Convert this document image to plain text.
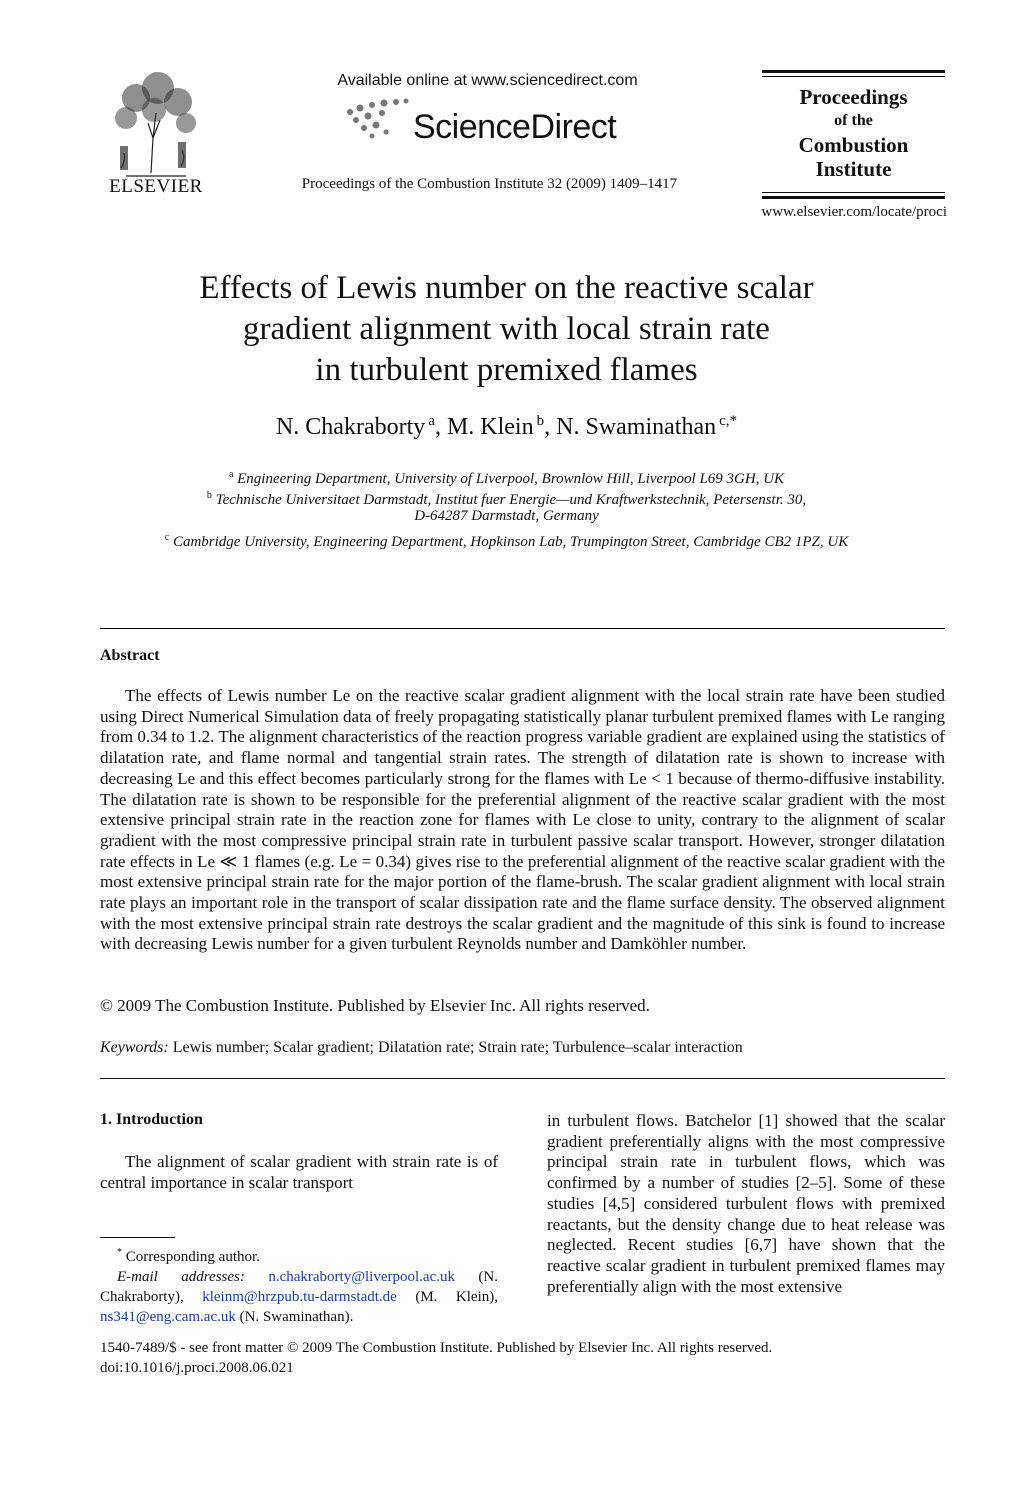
ELSEVIER
Available online at www.sciencedirect.com
ScienceDirect
Proceedings of the Combustion Institute 32 (2009) 1409–1417
Proceedings
of the
Combustion
Institute
www.elsevier.com/locate/proci
Effects of Lewis number on the reactive scalar
gradient alignment with local strain rate
in turbulent premixed flames
N. Chakraborty  $^a$, M. Klein  $^b$, N. Swaminathan  $^{c,*}$
$^a$ Engineering Department, University of Liverpool, Brownlow Hill, Liverpool L69 3GH, UK
$^b$ Technische Universitaet Darmstadt, Institut fuer Energie—und Kraftwerkstechnik, Petersenstr. 30,
D-64287 Darmstadt, Germany
$^c$ Cambridge University, Engineering Department, Hopkinson Lab, Trumpington Street, Cambridge CB2 1PZ, UK
Abstract
The effects of Lewis number Le on the reactive scalar gradient alignment with the local strain rate have been studied using Direct Numerical Simulation data of freely propagating statistically planar turbulent premixed flames with Le ranging from 0.34 to 1.2. The alignment characteristics of the reaction progress variable gradient are explained using the statistics of dilatation rate, and flame normal and tangential strain rates. The strength of dilatation rate is shown to increase with decreasing Le and this effect becomes particularly strong for the flames with Le < 1 because of thermo-diffusive instability. The dilatation rate is shown to be responsible for the preferential alignment of the reactive scalar gradient with the most extensive principal strain rate in the reaction zone for flames with Le close to unity, contrary to the alignment of scalar gradient with the most compressive principal strain rate in turbulent passive scalar transport. However, stronger dilatation rate effects in Le ≪ 1 flames (e.g. Le = 0.34) gives rise to the preferential alignment of the reactive scalar gradient with the most extensive principal strain rate for the major portion of the flame-brush. The scalar gradient alignment with local strain rate plays an important role in the transport of scalar dissipation rate and the flame surface density. The observed alignment with the most extensive principal strain rate destroys the scalar gradient and the magnitude of this sink is found to increase with decreasing Lewis number for a given turbulent Reynolds number and Damköhler number.
© 2009 The Combustion Institute. Published by Elsevier Inc. All rights reserved.
Keywords: Lewis number; Scalar gradient; Dilatation rate; Strain rate; Turbulence–scalar interaction
1. Introduction
The alignment of scalar gradient with strain rate is of central importance in scalar transport
* Corresponding author.
E-mail addresses: n.chakraborty@liverpool.ac.uk (N. Chakraborty), kleinm@hrzpub.tu-darmstadt.de (M. Klein), ns341@eng.cam.ac.uk (N. Swaminathan).
in turbulent flows. Batchelor [1] showed that the scalar gradient preferentially aligns with the most compressive principal strain rate in turbulent flows, which was confirmed by a number of studies [2–5]. Some of these studies [4,5] considered turbulent flows with premixed reactants, but the density change due to heat release was neglected. Recent studies [6,7] have shown that the reactive scalar gradient in turbulent premixed flames may preferentially align with the most extensive
1540-7489/$ - see front matter © 2009 The Combustion Institute. Published by Elsevier Inc. All rights reserved.
doi:10.1016/j.proci.2008.06.021
